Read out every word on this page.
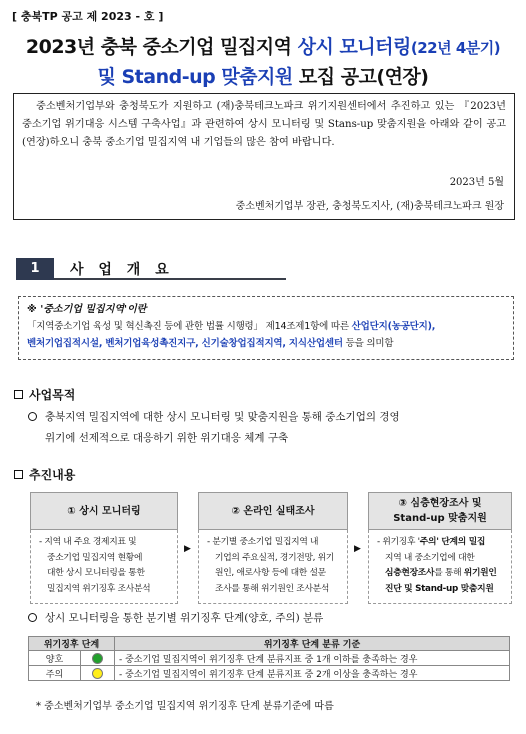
[ 충북TP 공고 제 2023 - 호 ]
2023년 충북 중소기업 밀집지역 상시 모니터링(22년 4분기)
및 Stand-up 맞춤지원 모집 공고(연장)
중소벤처기업부와 충청북도가 지원하고 (재)충북테크노파크 위기지원센터에서 추진하고 있는 『2023년 중소기업 위기대응 시스템 구축사업』과 관련하여 상시 모니터링 및 Stans-up 맞춤지원을 아래와 같이 공고(연장)하오니 충북 중소기업 밀집지역 내 기업들의 많은 참여 바랍니다.
2023년 5월
중소벤처기업부 장관, 충청북도지사, (재)충북테크노파크 원장
1	사 업 개 요
※ '중소기업 밀집지역'이란
「지역중소기업 육성 및 혁신촉진 등에 관한 법률 시행령」 제14조제1항에 따른 산업단지(농공단지),
벤처기업집적시설, 벤처기업육성촉진지구, 신기술창업집적지역, 지식산업센터 등을 의미함
사업목적
충북지역 밀집지역에 대한 상시 모니터링 및 맞춤지원을 통해 중소기업의 경영
위기에 선제적으로 대응하기 위한 위기대응 체계 구축
추진내용
① 상시 모니터링
- 지역 내 주요 경제지표 및
중소기업 밀집지역 현황에
대한 상시 모니터링을 통한
밀집지역 위기징후 조사분석
▶
② 온라인 실태조사
- 분기별 중소기업 밀집지역 내
기업의 주요실적, 경기전망, 위기
원인, 애로사항 등에 대한 설문
조사를 통해 위기원인 조사분석
▶
③ 심층현장조사 및
Stand-up 맞춤지원
- 위기징후 '주의' 단계의 밀집
지역 내 중소기업에 대한
심층현장조사를 통해 위기원인
진단 및 Stand-up 맞춤지원
상시 모니터링을 통한 분기별 위기징후 단계(양호, 주의) 분류
위기징후 단계		위기징후 단계 분류 기준
양호		- 중소기업 밀집지역이 위기징후 단계 분류지표 중 1개 이하를 충족하는 경우
주의		- 중소기업 밀집지역이 위기징후 단계 분류지표 중 2개 이상을 충족하는 경우
* 중소벤처기업부 중소기업 밀집지역 위기징후 단계 분류기준에 따름
